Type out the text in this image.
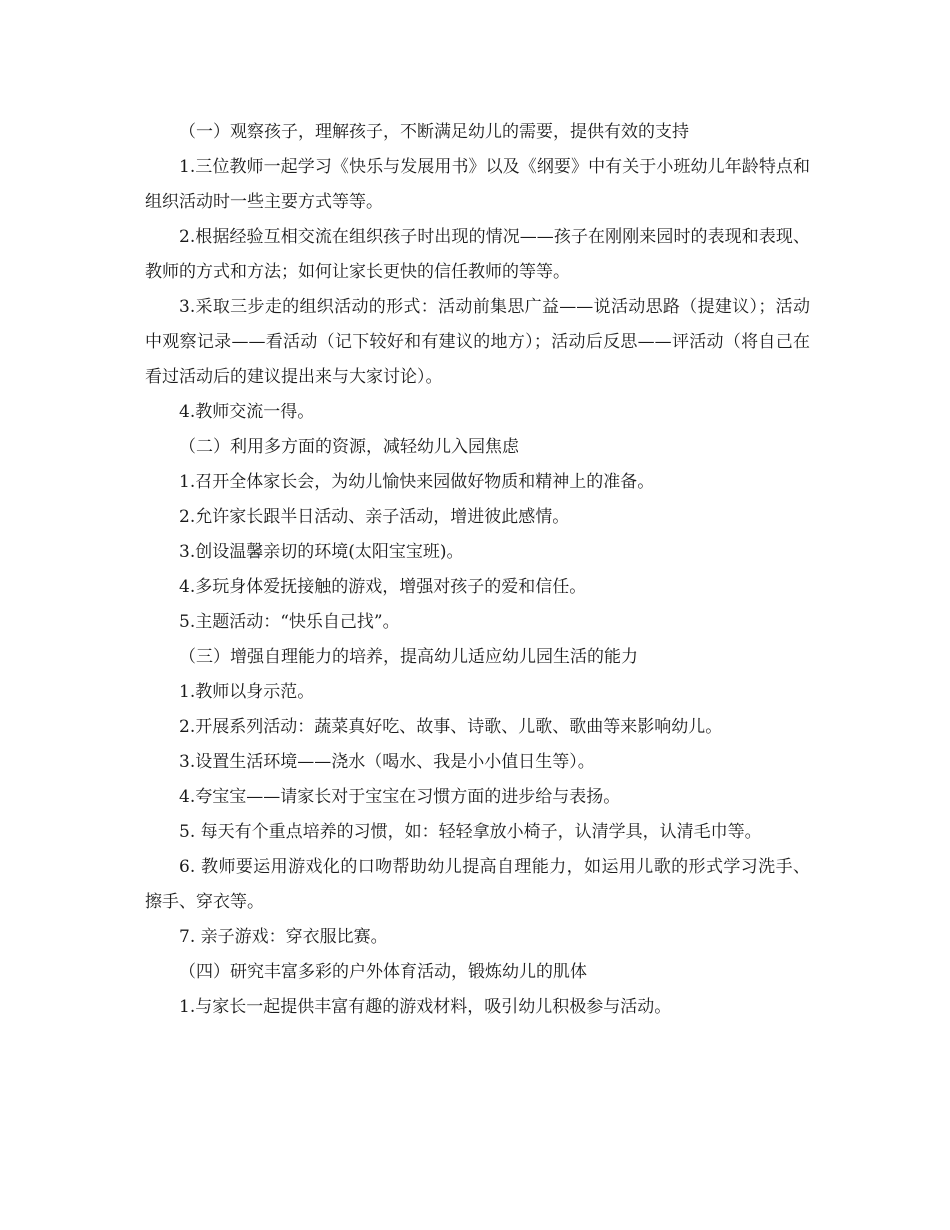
（一）观察孩子，理解孩子，不断满足幼儿的需要，提供有效的支持

1.三位教师一起学习《快乐与发展用书》以及《纲要》中有关于小班幼儿年龄特点和组织活动时一些主要方式等等。

2.根据经验互相交流在组织孩子时出现的情况——孩子在刚刚来园时的表现和表现、教师的方式和方法；如何让家长更快的信任教师的等等。

3.采取三步走的组织活动的形式：活动前集思广益——说活动思路（提建议）；活动中观察记录——看活动（记下较好和有建议的地方）；活动后反思——评活动（将自己在看过活动后的建议提出来与大家讨论）。

4.教师交流一得。

（二）利用多方面的资源，减轻幼儿入园焦虑

1.召开全体家长会，为幼儿愉快来园做好物质和精神上的准备。

2.允许家长跟半日活动、亲子活动，增进彼此感情。

3.创设温馨亲切的环境(太阳宝宝班)。

4.多玩身体爱抚接触的游戏，增强对孩子的爱和信任。

5.主题活动：“快乐自己找”。

（三）增强自理能力的培养，提高幼儿适应幼儿园生活的能力

1.教师以身示范。

2.开展系列活动：蔬菜真好吃、故事、诗歌、儿歌、歌曲等来影响幼儿。

3.设置生活环境——浇水（喝水、我是小小值日生等）。

4.夸宝宝——请家长对于宝宝在习惯方面的进步给与表扬。

5. 每天有个重点培养的习惯，如：轻轻拿放小椅子，认清学具，认清毛巾等。

6. 教师要运用游戏化的口吻帮助幼儿提高自理能力，如运用儿歌的形式学习洗手、擦手、穿衣等。

7. 亲子游戏：穿衣服比赛。

（四）研究丰富多彩的户外体育活动，锻炼幼儿的肌体

1.与家长一起提供丰富有趣的游戏材料，吸引幼儿积极参与活动。
